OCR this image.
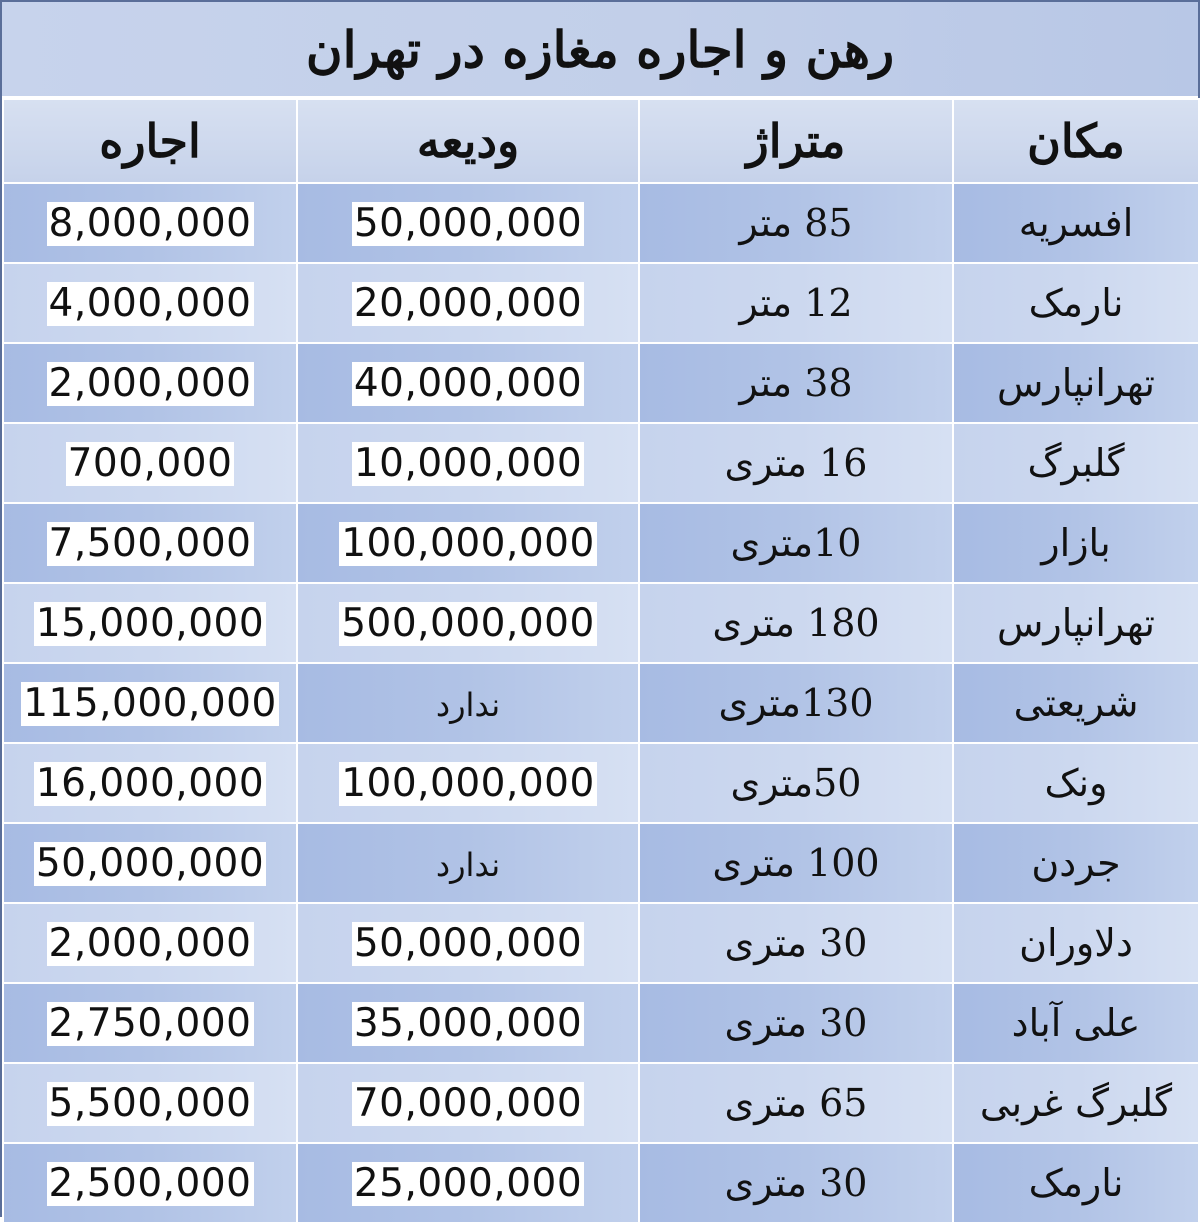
رهن و اجاره مغازه در تهران
مکان	متراژ	ودیعه	اجاره
افسریه	85 متر	50,000,000	8,000,000
نارمک	12 متر	20,000,000	4,000,000
تهرانپارس	38 متر	40,000,000	2,000,000
گلبرگ	16 متری	10,000,000	700,000
بازار	10متری	100,000,000	7,500,000
تهرانپارس	180 متری	500,000,000	15,000,000
شریعتی	130متری	ندارد	115,000,000
ونک	50متری	100,000,000	16,000,000
جردن	100 متری	ندارد	50,000,000
دلاوران	30 متری	50,000,000	2,000,000
علی آباد	30 متری	35,000,000	2,750,000
گلبرگ غربی	65 متری	70,000,000	5,500,000
نارمک	30 متری	25,000,000	2,500,000
